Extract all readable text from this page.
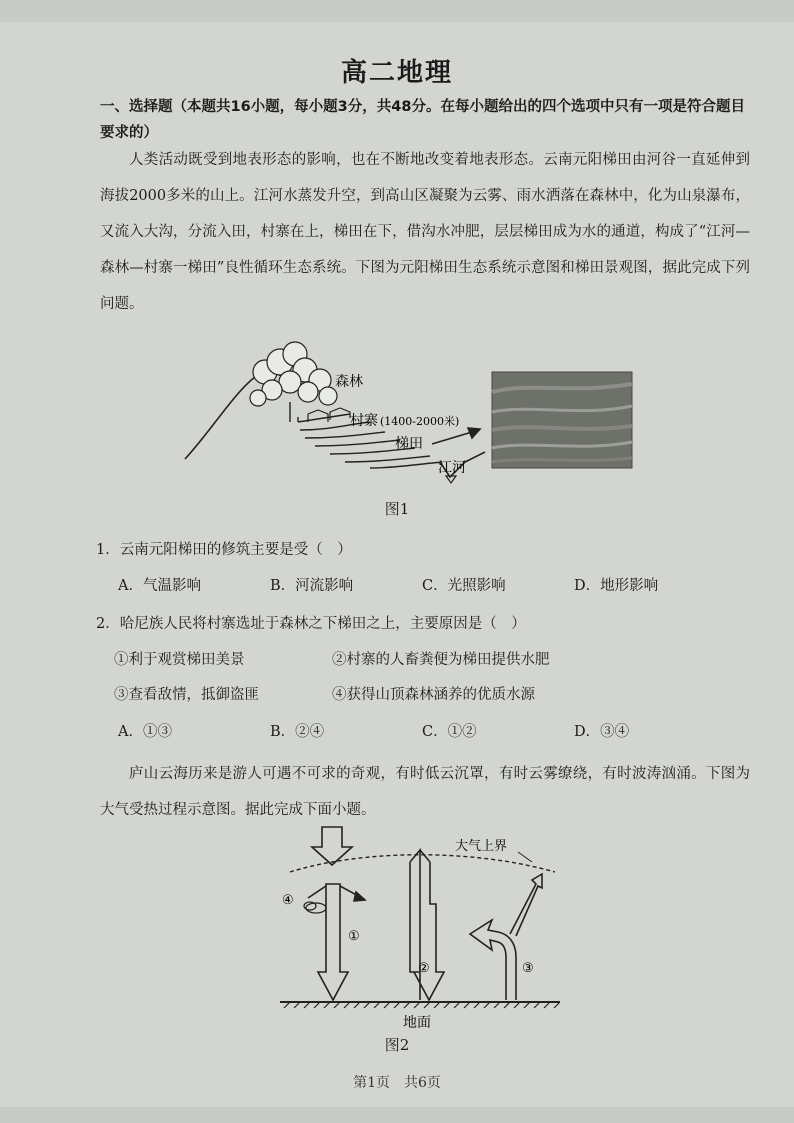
高二地理
一、选择题（本题共16小题，每小题3分，共48分。在每小题给出的四个选项中只有一项是符合题目要求的）
人类活动既受到地表形态的影响，也在不断地改变着地表形态。云南元阳梯田由河谷一直延伸到海拔2000多米的山上。江河水蒸发升空，到高山区凝聚为云雾、雨水洒落在森林中，化为山泉瀑布，又流入大沟，分流入田，村寨在上，梯田在下，借沟水冲肥，层层梯田成为水的通道，构成了“江河—森林—村寨一梯田”良性循环生态系统。下图为元阳梯田生态系统示意图和梯田景观图，据此完成下列问题。
森林
村寨 (1400-2000米)
梯田
江河
图1
1．云南元阳梯田的修筑主要是受（　）
A．气温影响	B．河流影响	C．光照影响	D．地形影响
2．哈尼族人民将村寨选址于森林之下梯田之上，主要原因是（　）
①利于观赏梯田美景	②村寨的人畜粪便为梯田提供水肥
③查看敌情，抵御盗匪	④获得山顶森林涵养的优质水源
A．①③	B．②④	C．①②	D．③④
庐山云海历来是游人可遇不可求的奇观，有时低云沉罩，有时云雾缭绕，有时波涛汹涌。下图为大气受热过程示意图。据此完成下面小题。
大气上界
④
①
②	③
地面
图2
第1页　共6页
